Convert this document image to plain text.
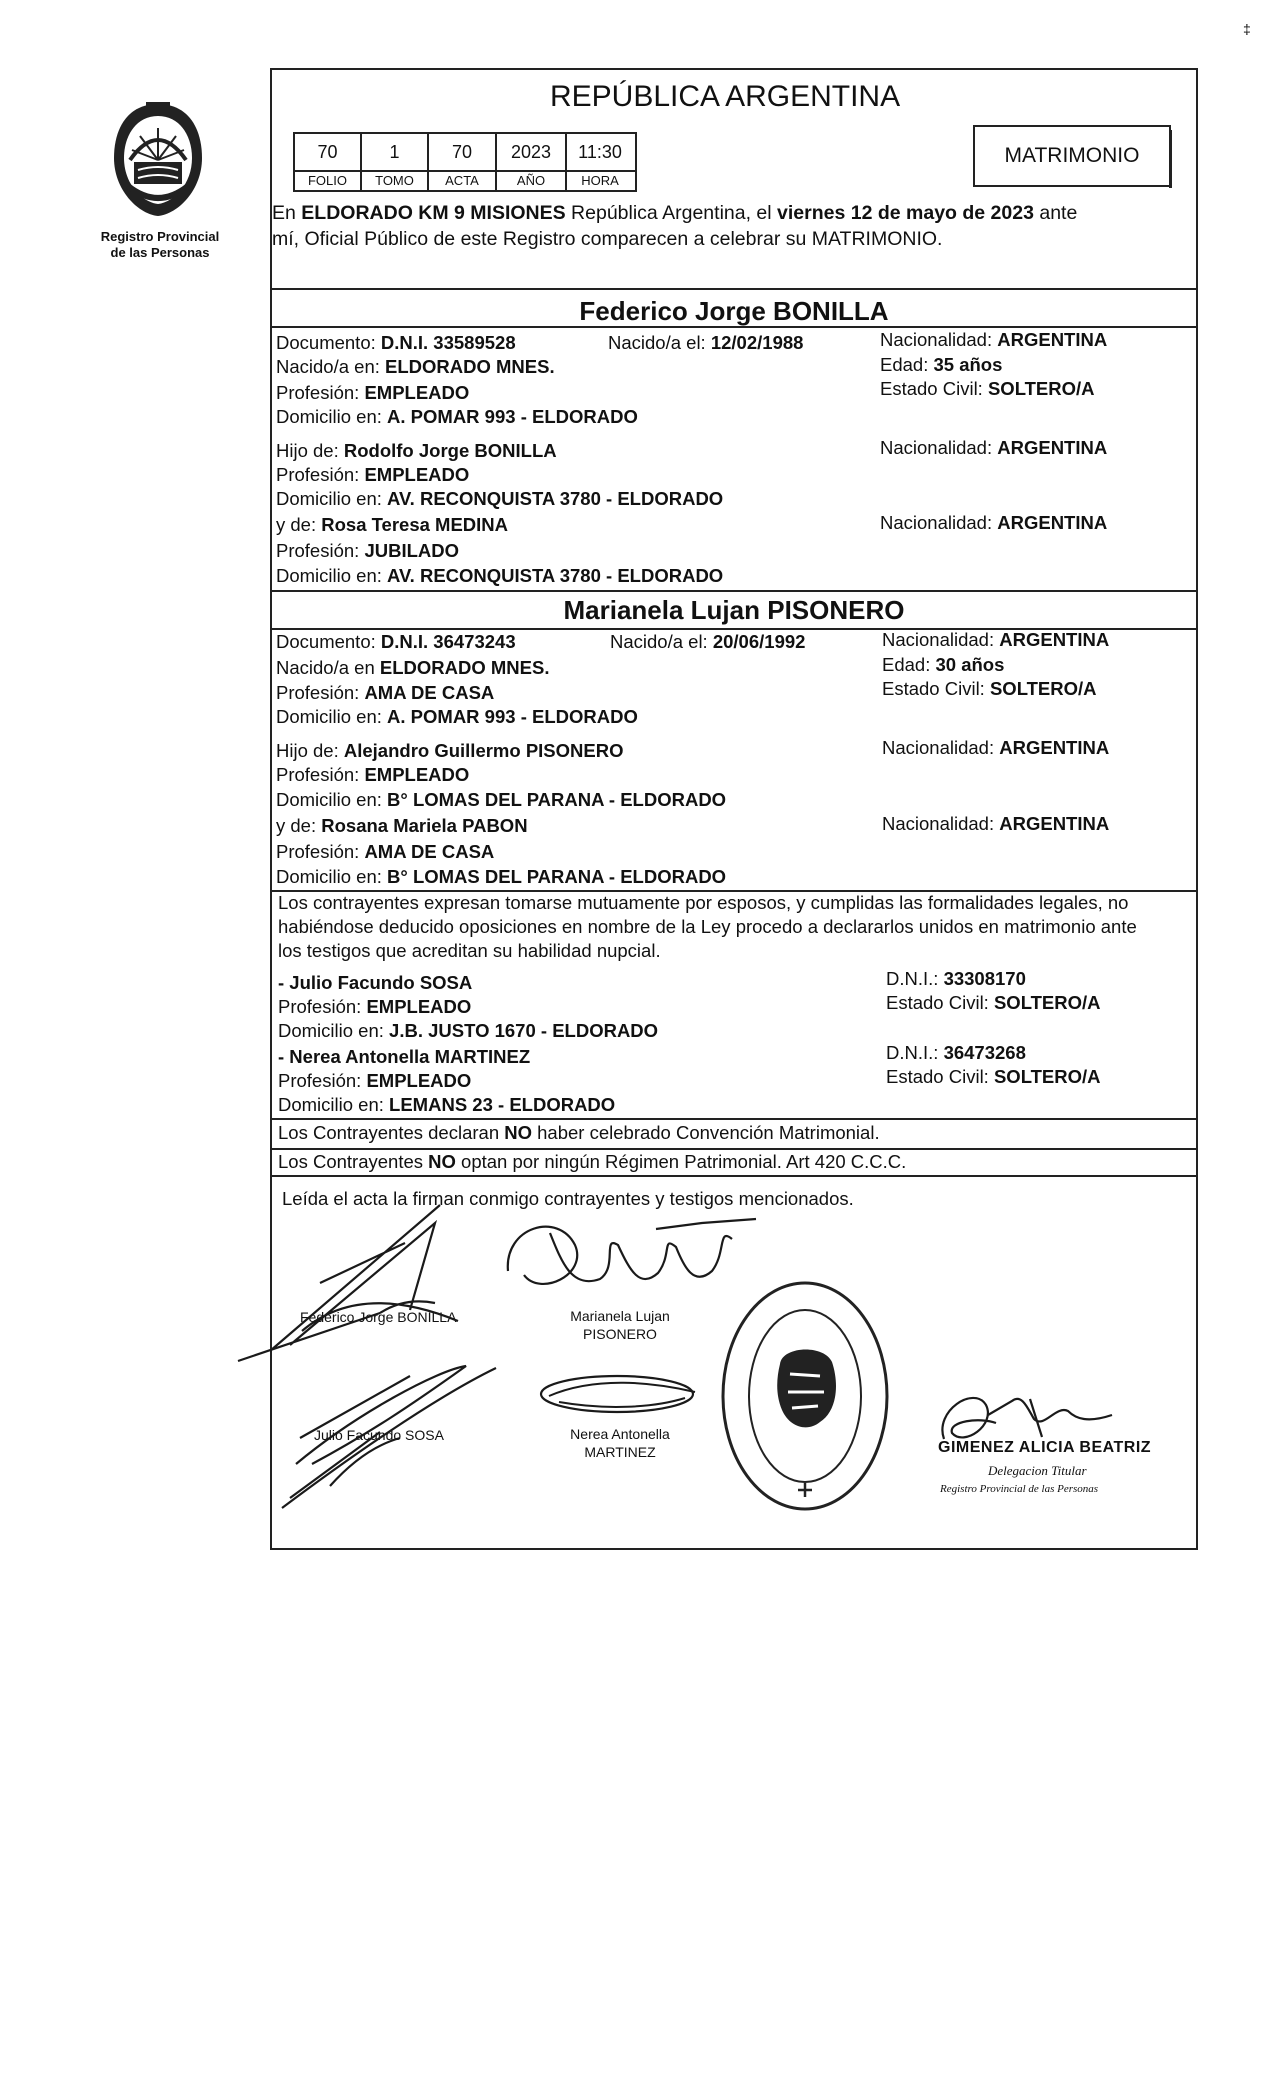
‡
Registro Provincial
de las Personas
REPÚBLICA ARGENTINA
70	1	70	2023	11:30
FOLIO	TOMO	ACTA	AÑO	HORA
MATRIMONIO
En ELDORADO KM 9 MISIONES República Argentina, el viernes 12 de mayo de 2023 ante
mí, Oficial Público de este Registro comparecen a celebrar su MATRIMONIO.
Federico Jorge BONILLA
Documento: D.N.I. 33589528	Nacido/a el: 12/02/1988	Nacionalidad: ARGENTINA
Nacido/a en: ELDORADO MNES.	Edad: 35 años
Profesión: EMPLEADO	Estado Civil: SOLTERO/A
Domicilio en: A. POMAR 993 - ELDORADO
Hijo de: Rodolfo Jorge BONILLA	Nacionalidad: ARGENTINA
Profesión: EMPLEADO
Domicilio en: AV. RECONQUISTA 3780 - ELDORADO
y de: Rosa Teresa MEDINA	Nacionalidad: ARGENTINA
Profesión: JUBILADO
Domicilio en: AV. RECONQUISTA 3780 - ELDORADO
Marianela Lujan PISONERO
Documento: D.N.I. 36473243	Nacido/a el: 20/06/1992	Nacionalidad: ARGENTINA
Nacido/a en ELDORADO MNES.	Edad: 30 años
Profesión: AMA DE CASA	Estado Civil: SOLTERO/A
Domicilio en: A. POMAR 993 - ELDORADO
Hijo de: Alejandro Guillermo PISONERO	Nacionalidad: ARGENTINA
Profesión: EMPLEADO
Domicilio en: B° LOMAS DEL PARANA - ELDORADO
y de: Rosana Mariela PABON	Nacionalidad: ARGENTINA
Profesión: AMA DE CASA
Domicilio en: B° LOMAS DEL PARANA - ELDORADO
Los contrayentes expresan tomarse mutuamente por esposos, y cumplidas las formalidades legales, no
habiéndose deducido oposiciones en nombre de la Ley procedo a declararlos unidos en matrimonio ante
los testigos que acreditan su habilidad nupcial.
- Julio Facundo SOSA	D.N.I.: 33308170
Profesión: EMPLEADO	Estado Civil: SOLTERO/A
Domicilio en: J.B. JUSTO 1670 - ELDORADO
- Nerea Antonella MARTINEZ	D.N.I.: 36473268
Profesión: EMPLEADO	Estado Civil: SOLTERO/A
Domicilio en: LEMANS 23 - ELDORADO
Los Contrayentes declaran NO haber celebrado Convención Matrimonial.
Los Contrayentes NO optan por ningún Régimen Patrimonial. Art 420 C.C.C.
Leída el acta la firman conmigo contrayentes y testigos mencionados.
Federico Jorge BONILLA	Marianela Lujan
PISONERO
Julio Facundo SOSA	Nerea Antonella
MARTINEZ	GIMENEZ ALICIA BEATRIZ
Delegacion Titular
Registro Provincial de las Personas
